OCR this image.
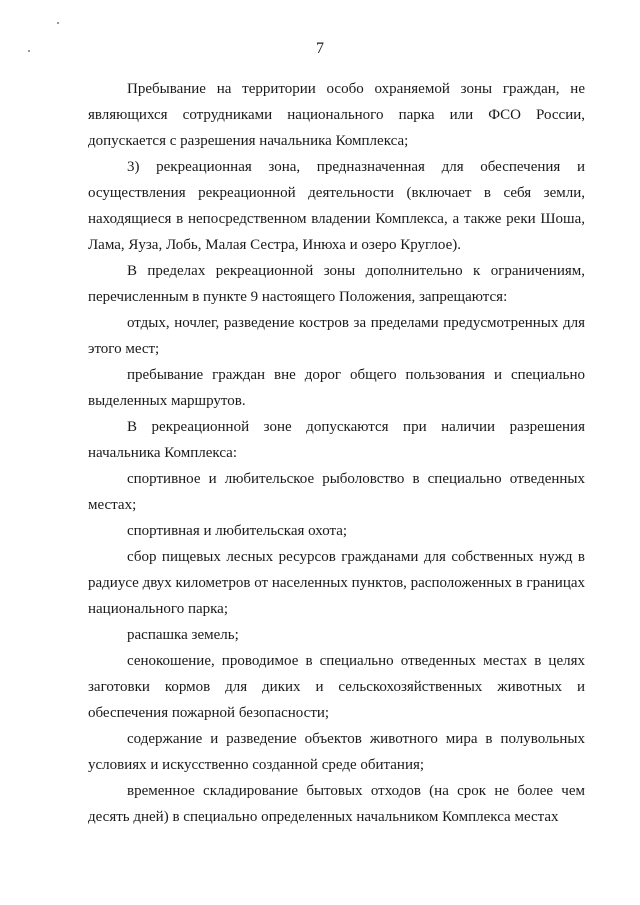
7

Пребывание на территории особо охраняемой зоны граждан, не являющихся сотрудниками национального парка или ФСО России, допускается с разрешения начальника Комплекса;

3) рекреационная зона, предназначенная для обеспечения и осуществления рекреационной деятельности (включает в себя земли, находящиеся в непосредственном владении Комплекса, а также реки Шоша, Лама, Яуза, Лобь, Малая Сестра, Инюха и озеро Круглое).

В пределах рекреационной зоны дополнительно к ограничениям, перечисленным в пункте 9 настоящего Положения, запрещаются:

отдых, ночлег, разведение костров за пределами предусмотренных для этого мест;

пребывание граждан вне дорог общего пользования и специально выделенных маршрутов.

В рекреационной зоне допускаются при наличии разрешения начальника Комплекса:

спортивное и любительское рыболовство в специально отведенных местах;

спортивная и любительская охота;

сбор пищевых лесных ресурсов гражданами для собственных нужд в радиусе двух километров от населенных пунктов, расположенных в границах национального парка;

распашка земель;

сенокошение, проводимое в специально отведенных местах в целях заготовки кормов для диких и сельскохозяйственных животных и обеспечения пожарной безопасности;

содержание и разведение объектов животного мира в полувольных условиях и искусственно созданной среде обитания;

временное складирование бытовых отходов (на срок не более чем десять дней) в специально определенных начальником Комплекса местах
